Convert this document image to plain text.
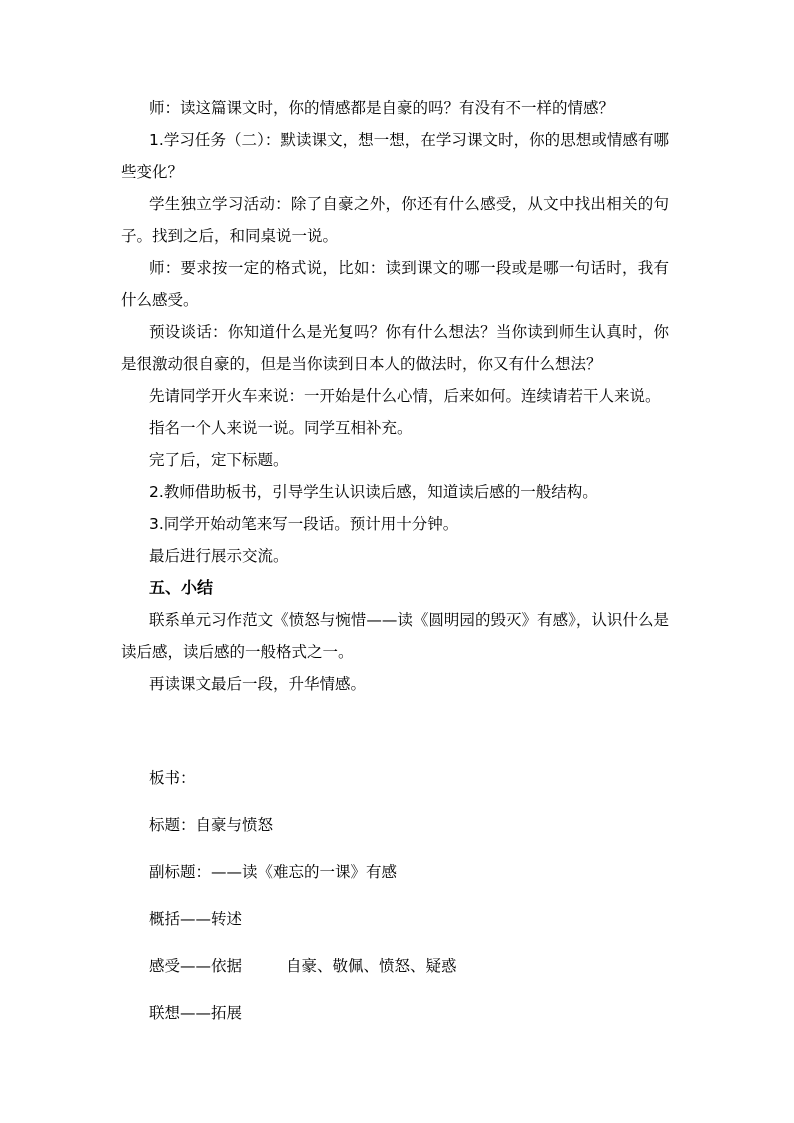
师：读这篇课文时，你的情感都是自豪的吗？有没有不一样的情感？

1.学习任务（二）：默读课文，想一想，在学习课文时，你的思想或情感有哪些变化？

学生独立学习活动：除了自豪之外，你还有什么感受，从文中找出相关的句子。找到之后，和同桌说一说。

师：要求按一定的格式说，比如：读到课文的哪一段或是哪一句话时，我有什么感受。

预设谈话：你知道什么是光复吗？你有什么想法？当你读到师生认真时，你是很激动很自豪的，但是当你读到日本人的做法时，你又有什么想法？

先请同学开火车来说：一开始是什么心情，后来如何。连续请若干人来说。

指名一个人来说一说。同学互相补充。

完了后，定下标题。

2.教师借助板书，引导学生认识读后感，知道读后感的一般结构。

3.同学开始动笔来写一段话。预计用十分钟。

最后进行展示交流。

五、小结

联系单元习作范文《愤怒与惋惜——读《圆明园的毁灭》有感》，认识什么是读后感，读后感的一般格式之一。

再读课文最后一段，升华情感。

板书：

标题：自豪与愤怒

副标题：——读《难忘的一课》有感

概括——转述

感受——依据	自豪、敬佩、愤怒、疑惑

联想——拓展
